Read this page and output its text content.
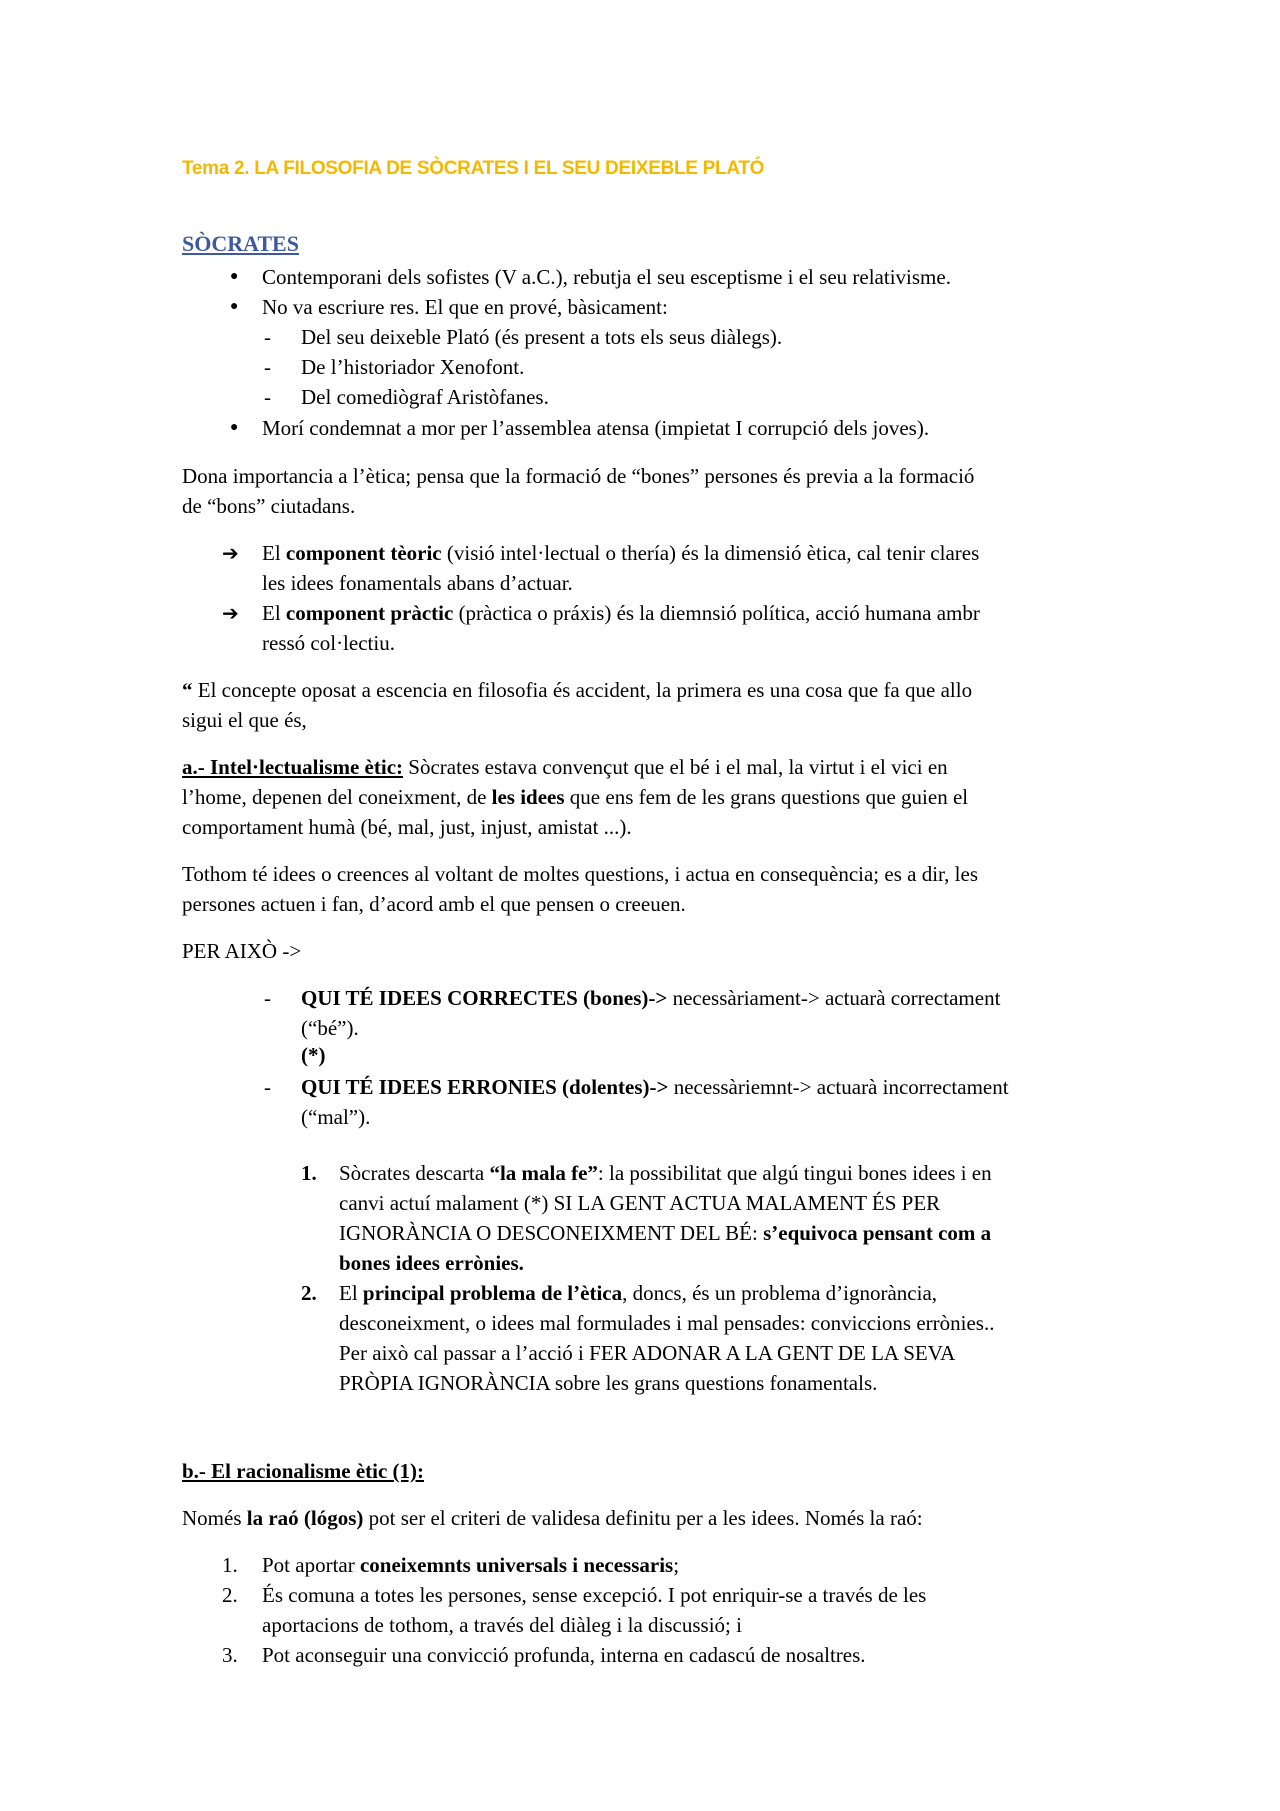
Tema 2. LA FILOSOFIA DE SÒCRATES I EL SEU DEIXEBLE PLATÓ
SÒCRATES
● Contemporani dels sofistes (V a.C.), rebutja el seu esceptisme i el seu relativisme.
● No va escriure res. El que en prové, bàsicament:
- Del seu deixeble Plató (és present a tots els seus diàlegs).
- De l’historiador Xenofont.
- Del comediògraf Aristòfanes.
● Morí condemnat a mor per l’assemblea atensa (impietat I corrupció dels joves).
Dona importancia a l’ètica; pensa que la formació de “bones” persones és previa a la formació
de “bons” ciutadans.
➔ El component tèoric (visió intel·lectual o thería) és la dimensió ètica, cal tenir clares
les idees fonamentals abans d’actuar.
➔ El component pràctic (pràctica o práxis) és la diemnsió política, acció humana ambr
ressó col·lectiu.
“ El concepte oposat a escencia en filosofia és accident, la primera es una cosa que fa que allo
sigui el que és,
a.- Intel·lectualisme ètic: Sòcrates estava convençut que el bé i el mal, la virtut i el vici en
l’home, depenen del coneixment, de les idees que ens fem de les grans questions que guien el
comportament humà (bé, mal, just, injust, amistat ...).
Tothom té idees o creences al voltant de moltes questions, i actua en consequència; es a dir, les
persones actuen i fan, d’acord amb el que pensen o creeuen.
PER AIXÒ ->
- QUI TÉ IDEES CORRECTES (bones)-> necessàriament-> actuarà correctament
(“bé”).
(*)
- QUI TÉ IDEES ERRONIES (dolentes)-> necessàriemnt-> actuarà incorrectament
(“mal”).
1. Sòcrates descarta “la mala fe”: la possibilitat que algú tingui bones idees i en
canvi actuí malament (*) SI LA GENT ACTUA MALAMENT ÉS PER
IGNORÀNCIA O DESCONEIXMENT DEL BÉ: s’equivoca pensant com a
bones idees errònies.
2. El principal problema de l’ètica, doncs, és un problema d’ignorància,
desconeixment, o idees mal formulades i mal pensades: conviccions errònies..
Per això cal passar a l’acció i FER ADONAR A LA GENT DE LA SEVA
PRÒPIA IGNORÀNCIA sobre les grans questions fonamentals.
b.- El racionalisme ètic (1):
Només la raó (lógos) pot ser el criteri de validesa definitu per a les idees. Només la raó:
1. Pot aportar coneixemnts universals i necessaris;
2. És comuna a totes les persones, sense excepció. I pot enriquir-se a través de les
aportacions de tothom, a través del diàleg i la discussió; i
3. Pot aconseguir una convicció profunda, interna en cadascú de nosaltres.
